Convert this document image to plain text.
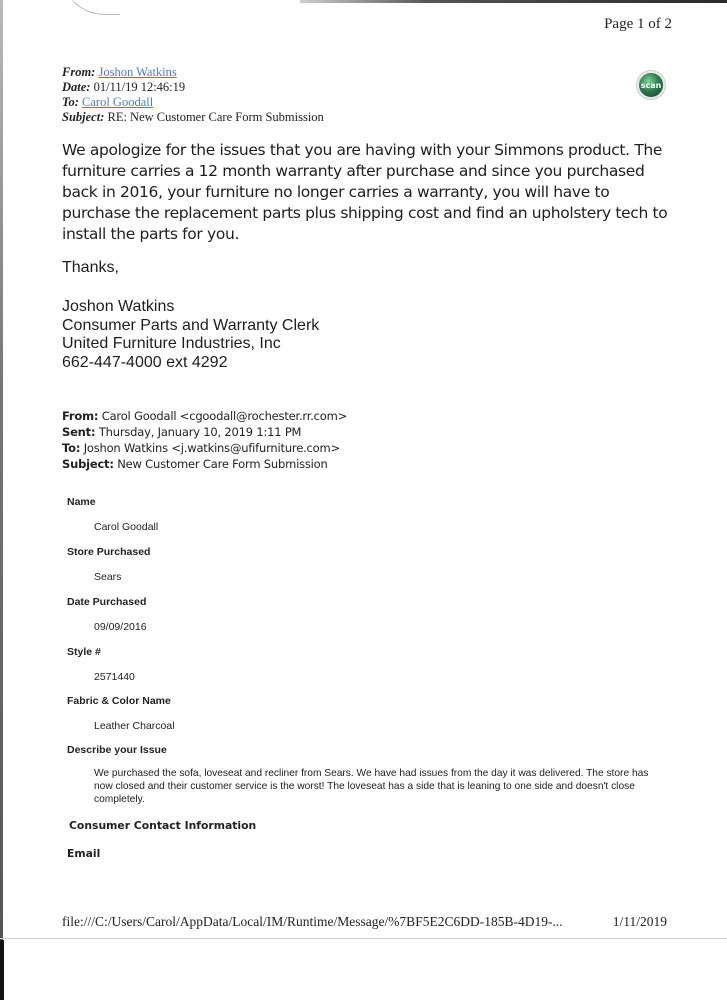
Page 1 of 2
From: Joshon Watkins
Date: 01/11/19 12:46:19
To: Carol Goodall
Subject: RE: New Customer Care Form Submission
scan
We apologize for the issues that you are having with your Simmons product. The furniture carries a 12 month warranty after purchase and since you purchased back in 2016, your furniture no longer carries a warranty, you will have to purchase the replacement parts plus shipping cost and find an upholstery tech to install the parts for you.
Thanks,
Joshon Watkins
Consumer Parts and Warranty Clerk
United Furniture Industries, Inc
662-447-4000 ext 4292
From: Carol Goodall <cgoodall@rochester.rr.com>
Sent: Thursday, January 10, 2019 1:11 PM
To: Joshon Watkins <j.watkins@ufifurniture.com>
Subject: New Customer Care Form Submission
Name
Carol Goodall
Store Purchased
Sears
Date Purchased
09/09/2016
Style #
2571440
Fabric & Color Name
Leather Charcoal
Describe your Issue
We purchased the sofa, loveseat and recliner from Sears. We have had issues from the day it was delivered. The store has now closed and their customer service is the worst! The loveseat has a side that is leaning to one side and doesn't close completely.
Consumer Contact Information
Email
file:///C:/Users/Carol/AppData/Local/IM/Runtime/Message/%7BF5E2C6DD-185B-4D19-...	1/11/2019
